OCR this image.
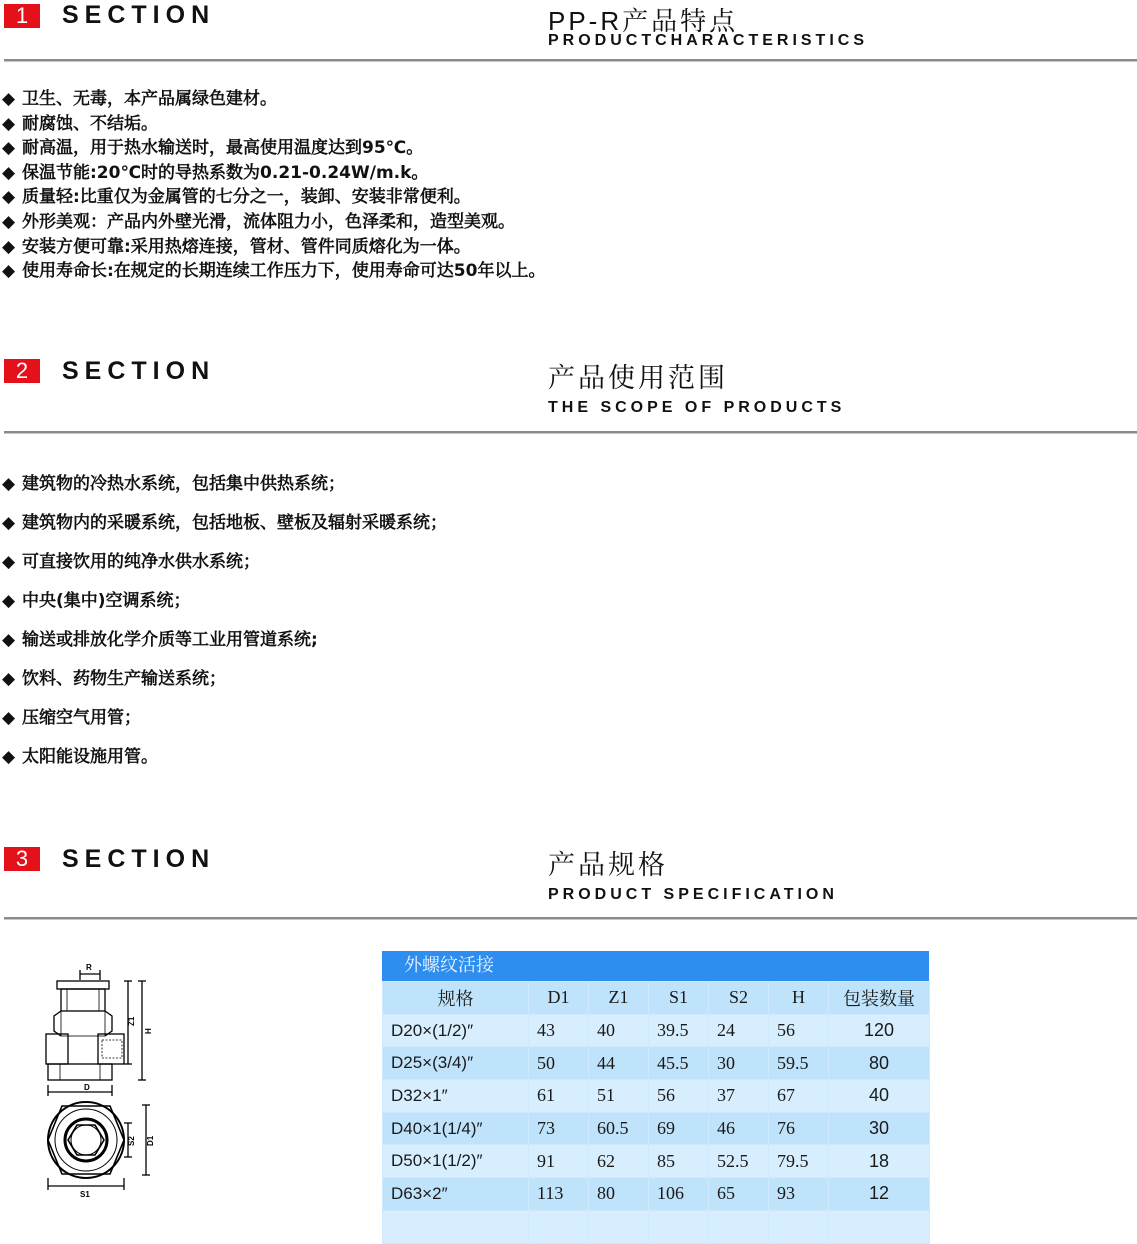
1	SECTION	PP-R产品特点
PRODUCTCHARACTERISTICS
◆ 卫生、无毒，本产品属绿色建材。
◆ 耐腐蚀、不结垢。
◆ 耐高温，用于热水输送时，最高使用温度达到95℃。
◆ 保温节能:20℃时的导热系数为0.21-0.24W/m.k。
◆ 质量轻:比重仅为金属管的七分之一，装卸、安装非常便利。
◆ 外形美观：产品内外壁光滑，流体阻力小，色泽柔和，造型美观。
◆ 安装方便可靠:采用热熔连接，管材、管件同质熔化为一体。
◆ 使用寿命长:在规定的长期连续工作压力下，使用寿命可达50年以上。
2	SECTION	产品使用范围
THE SCOPE OF PRODUCTS
◆ 建筑物的冷热水系统，包括集中供热系统；
◆ 建筑物内的采暖系统，包括地板、壁板及辐射采暖系统；
◆ 可直接饮用的纯净水供水系统；
◆ 中央(集中)空调系统；
◆ 输送或排放化学介质等工业用管道系统;
◆ 饮料、药物生产输送系统；
◆ 压缩空气用管；
◆ 太阳能设施用管。
3	SECTION	产品规格
PRODUCT SPECIFICATION
R
Z1
H
D
S2 D1
S1
外螺纹活接
规格	D1	Z1	S1	S2	H	包装数量
D20×(1/2)″	43	40	39.5	24	56	120
D25×(3/4)″	50	44	45.5	30	59.5	80
D32×1″	61	51	56	37	67	40
D40×1(1/4)″	73	60.5	69	46	76	30
D50×1(1/2)″	91	62	85	52.5	79.5	18
D63×2″	113	80	106	65	93	12
